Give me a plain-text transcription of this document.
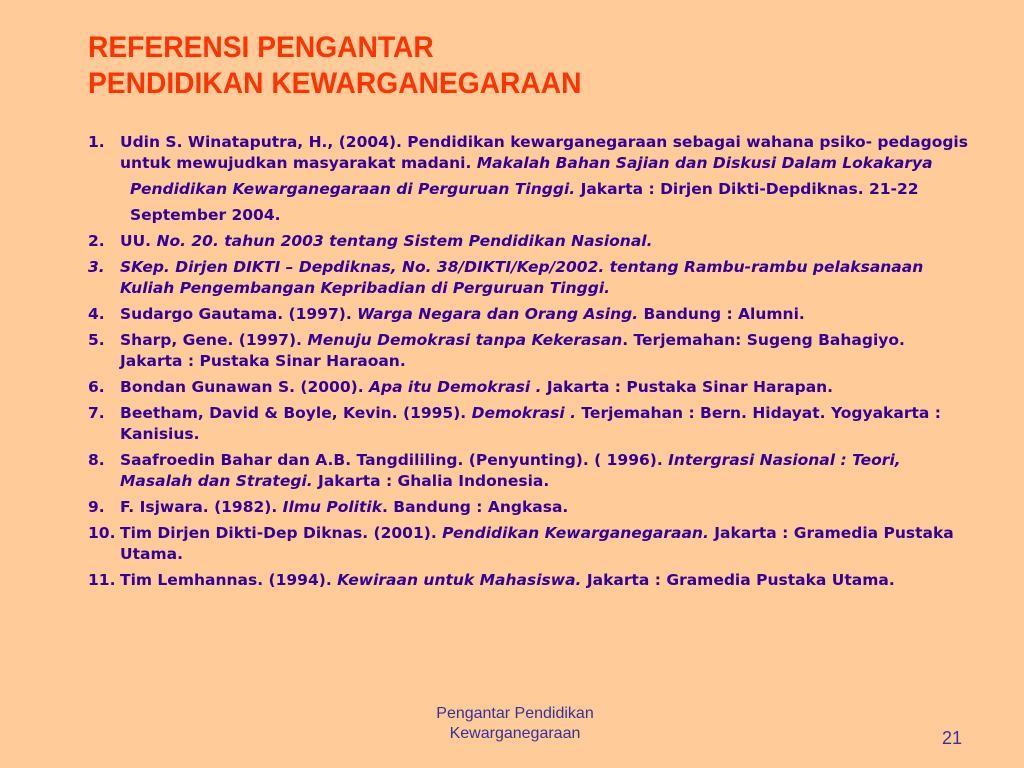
REFERENSI PENGANTAR
PENDIDIKAN KEWARGANEGARAAN
1. Udin S. Winataputra, H., (2004). Pendidikan kewarganegaraan sebagai wahana psiko- pedagogis untuk mewujudkan masyarakat madani. Makalah Bahan Sajian dan Diskusi Dalam Lokakarya
Pendidikan Kewarganegaraan di Perguruan Tinggi. Jakarta : Dirjen Dikti-Depdiknas. 21-22
September 2004.
2. UU. No. 20. tahun 2003 tentang Sistem Pendidikan Nasional.
3. SKep. Dirjen DIKTI – Depdiknas, No. 38/DIKTI/Kep/2002. tentang Rambu-rambu pelaksanaan Kuliah Pengembangan Kepribadian di Perguruan Tinggi.
4. Sudargo Gautama. (1997). Warga Negara dan Orang Asing. Bandung : Alumni.
5. Sharp, Gene. (1997). Menuju Demokrasi tanpa Kekerasan. Terjemahan: Sugeng Bahagiyo. Jakarta : Pustaka Sinar Haraoan.
6. Bondan Gunawan S. (2000). Apa itu Demokrasi . Jakarta : Pustaka Sinar Harapan.
7. Beetham, David & Boyle, Kevin. (1995). Demokrasi . Terjemahan : Bern. Hidayat. Yogyakarta : Kanisius.
8. Saafroedin Bahar dan A.B. Tangdililing. (Penyunting). ( 1996). Intergrasi Nasional : Teori, Masalah dan Strategi. Jakarta : Ghalia Indonesia.
9. F. Isjwara. (1982). Ilmu Politik. Bandung : Angkasa.
10. Tim Dirjen Dikti-Dep Diknas. (2001). Pendidikan Kewarganegaraan. Jakarta : Gramedia Pustaka Utama.
11. Tim Lemhannas. (1994). Kewiraan untuk Mahasiswa. Jakarta : Gramedia Pustaka Utama.
Pengantar Pendidikan
Kewarganegaraan	21
